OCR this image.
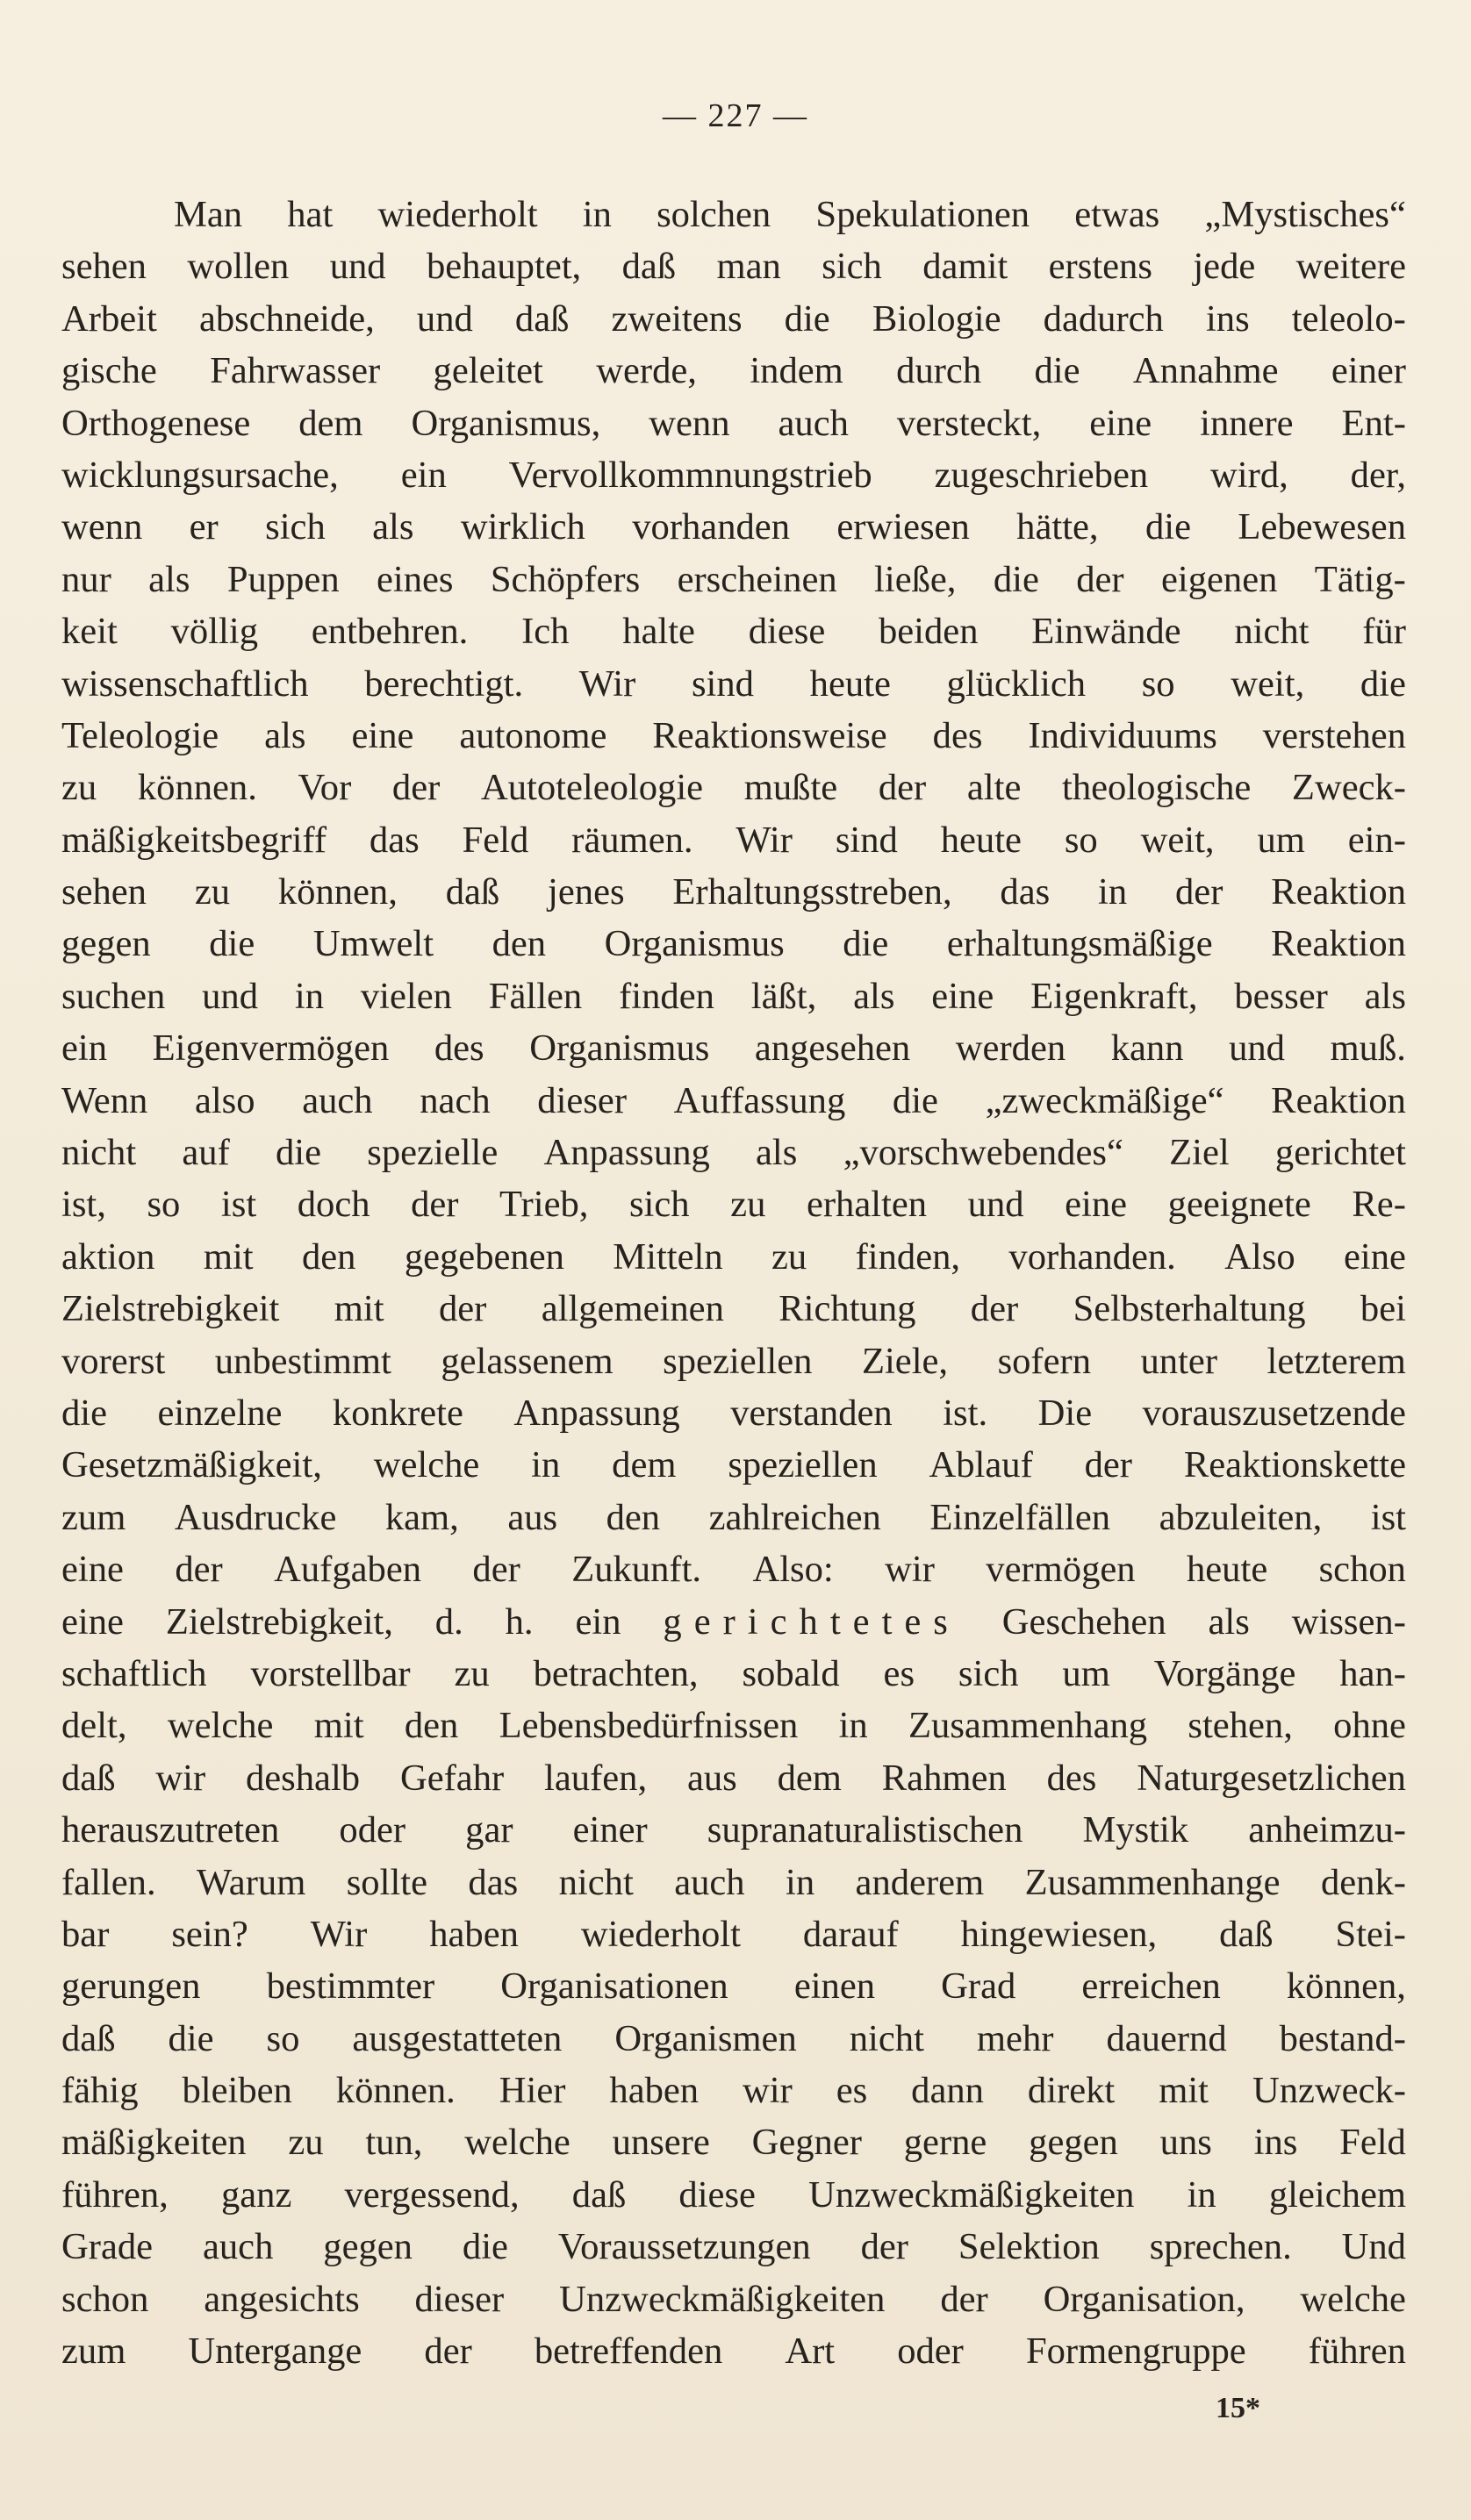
— 227 —
Man hat wiederholt in solchen Spekulationen etwas „Mystisches“
sehen wollen und behauptet, daß man sich damit erstens jede weitere
Arbeit abschneide, und daß zweitens die Biologie dadurch ins teleolo-
gische Fahrwasser geleitet werde, indem durch die Annahme einer
Orthogenese dem Organismus, wenn auch versteckt, eine innere Ent-
wicklungsursache, ein Vervollkommnungstrieb zugeschrieben wird, der,
wenn er sich als wirklich vorhanden erwiesen hätte, die Lebewesen
nur als Puppen eines Schöpfers erscheinen ließe, die der eigenen Tätig-
keit völlig entbehren. Ich halte diese beiden Einwände nicht für
wissenschaftlich berechtigt. Wir sind heute glücklich so weit, die
Teleologie als eine autonome Reaktionsweise des Individuums verstehen
zu können. Vor der Autoteleologie mußte der alte theologische Zweck-
mäßigkeitsbegriff das Feld räumen. Wir sind heute so weit, um ein-
sehen zu können, daß jenes Erhaltungsstreben, das in der Reaktion
gegen die Umwelt den Organismus die erhaltungsmäßige Reaktion
suchen und in vielen Fällen finden läßt, als eine Eigenkraft, besser als
ein Eigenvermögen des Organismus angesehen werden kann und muß.
Wenn also auch nach dieser Auffassung die „zweckmäßige“ Reaktion
nicht auf die spezielle Anpassung als „vorschwebendes“ Ziel gerichtet
ist, so ist doch der Trieb, sich zu erhalten und eine geeignete Re-
aktion mit den gegebenen Mitteln zu finden, vorhanden. Also eine
Zielstrebigkeit mit der allgemeinen Richtung der Selbsterhaltung bei
vorerst unbestimmt gelassenem speziellen Ziele, sofern unter letzterem
die einzelne konkrete Anpassung verstanden ist. Die vorauszusetzende
Gesetzmäßigkeit, welche in dem speziellen Ablauf der Reaktionskette
zum Ausdrucke kam, aus den zahlreichen Einzelfällen abzuleiten, ist
eine der Aufgaben der Zukunft. Also: wir vermögen heute schon
eine Zielstrebigkeit, d. h. ein gerichtetes Geschehen als wissen-
schaftlich vorstellbar zu betrachten, sobald es sich um Vorgänge han-
delt, welche mit den Lebensbedürfnissen in Zusammenhang stehen, ohne
daß wir deshalb Gefahr laufen, aus dem Rahmen des Naturgesetzlichen
herauszutreten oder gar einer supranaturalistischen Mystik anheimzu-
fallen. Warum sollte das nicht auch in anderem Zusammenhange denk-
bar sein? Wir haben wiederholt darauf hingewiesen, daß Stei-
gerungen bestimmter Organisationen einen Grad erreichen können,
daß die so ausgestatteten Organismen nicht mehr dauernd bestand-
fähig bleiben können. Hier haben wir es dann direkt mit Unzweck-
mäßigkeiten zu tun, welche unsere Gegner gerne gegen uns ins Feld
führen, ganz vergessend, daß diese Unzweckmäßigkeiten in gleichem
Grade auch gegen die Voraussetzungen der Selektion sprechen. Und
schon angesichts dieser Unzweckmäßigkeiten der Organisation, welche
zum Untergange der betreffenden Art oder Formengruppe führen
15*
